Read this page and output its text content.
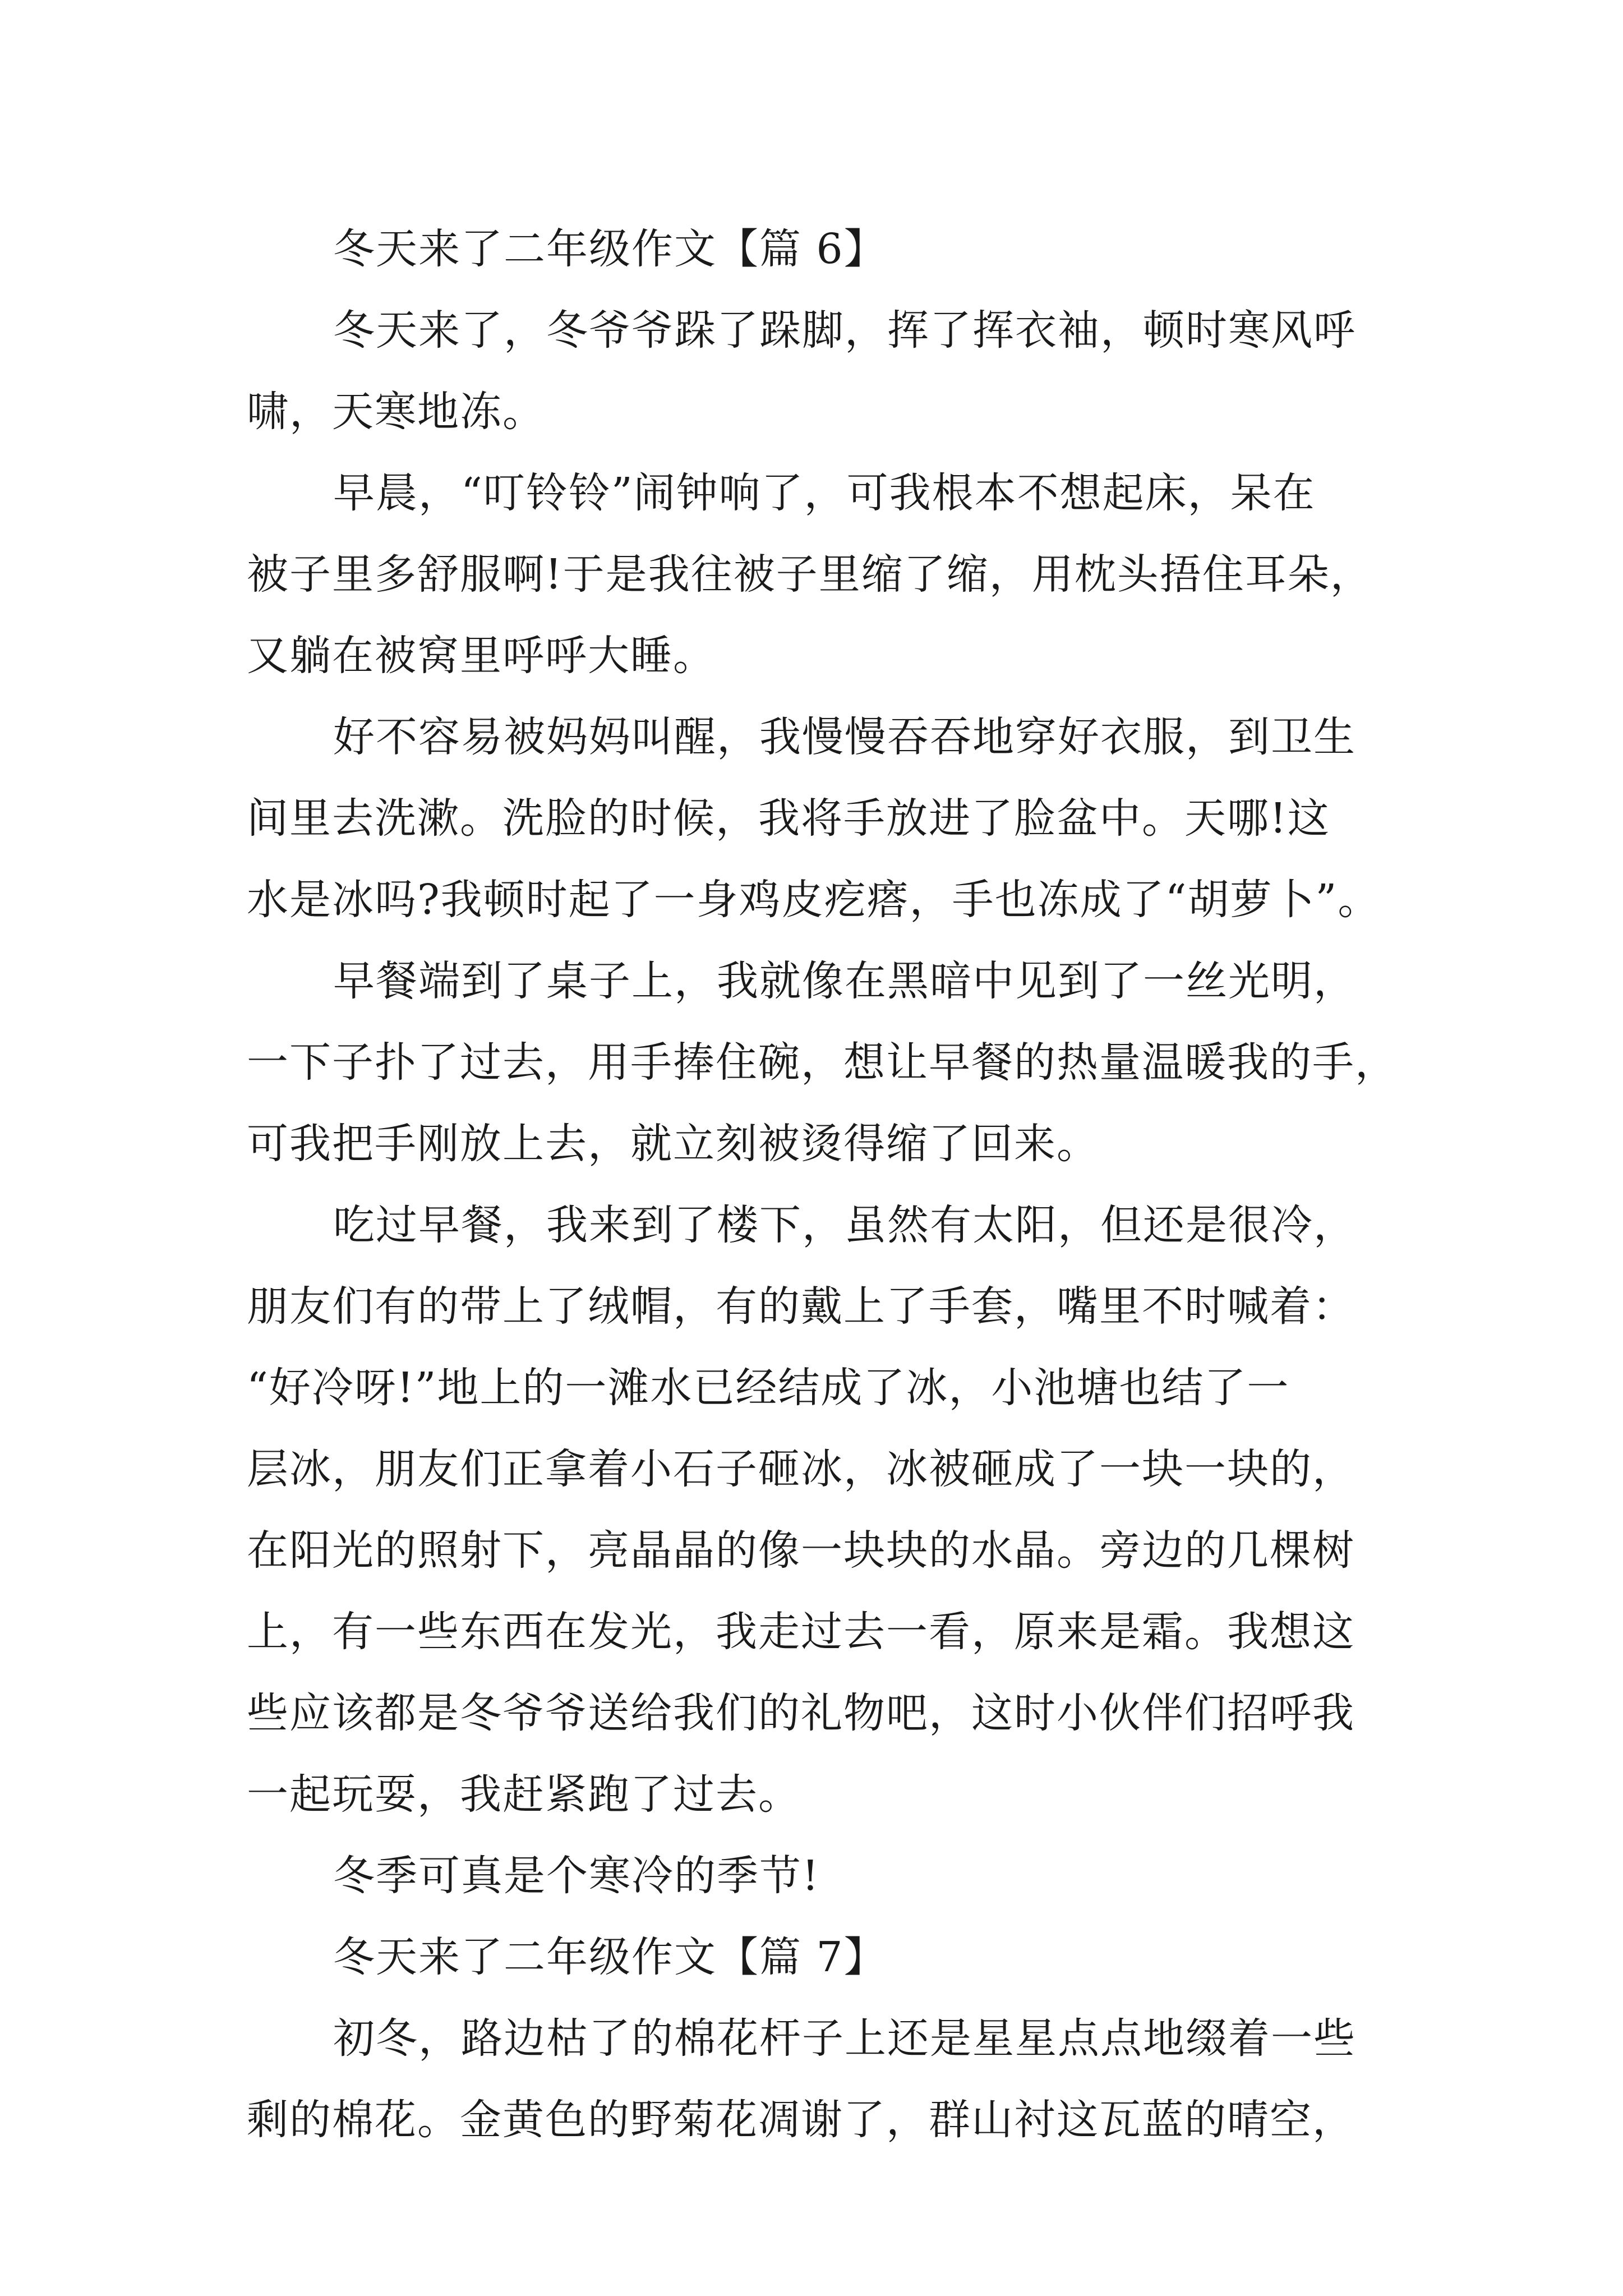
冬天来了二年级作文【篇 6】
冬天来了，冬爷爷跺了跺脚，挥了挥衣袖，顿时寒风呼
啸，天寒地冻。
早晨，“叮铃铃”闹钟响了，可我根本不想起床，呆在
被子里多舒服啊!于是我往被子里缩了缩，用枕头捂住耳朵，
又躺在被窝里呼呼大睡。
好不容易被妈妈叫醒，我慢慢吞吞地穿好衣服，到卫生
间里去洗漱。洗脸的时候，我将手放进了脸盆中。天哪!这
水是冰吗?我顿时起了一身鸡皮疙瘩，手也冻成了“胡萝卜”。
早餐端到了桌子上，我就像在黑暗中见到了一丝光明，
一下子扑了过去，用手捧住碗，想让早餐的热量温暖我的手，
可我把手刚放上去，就立刻被烫得缩了回来。
吃过早餐，我来到了楼下，虽然有太阳，但还是很冷，
朋友们有的带上了绒帽，有的戴上了手套，嘴里不时喊着：
“好冷呀!”地上的一滩水已经结成了冰，小池塘也结了一
层冰，朋友们正拿着小石子砸冰，冰被砸成了一块一块的，
在阳光的照射下，亮晶晶的像一块块的水晶。旁边的几棵树
上，有一些东西在发光，我走过去一看，原来是霜。我想这
些应该都是冬爷爷送给我们的礼物吧，这时小伙伴们招呼我
一起玩耍，我赶紧跑了过去。
冬季可真是个寒冷的季节!
冬天来了二年级作文【篇 7】
初冬，路边枯了的棉花杆子上还是星星点点地缀着一些
剩的棉花。金黄色的野菊花凋谢了，群山衬这瓦蓝的晴空，
